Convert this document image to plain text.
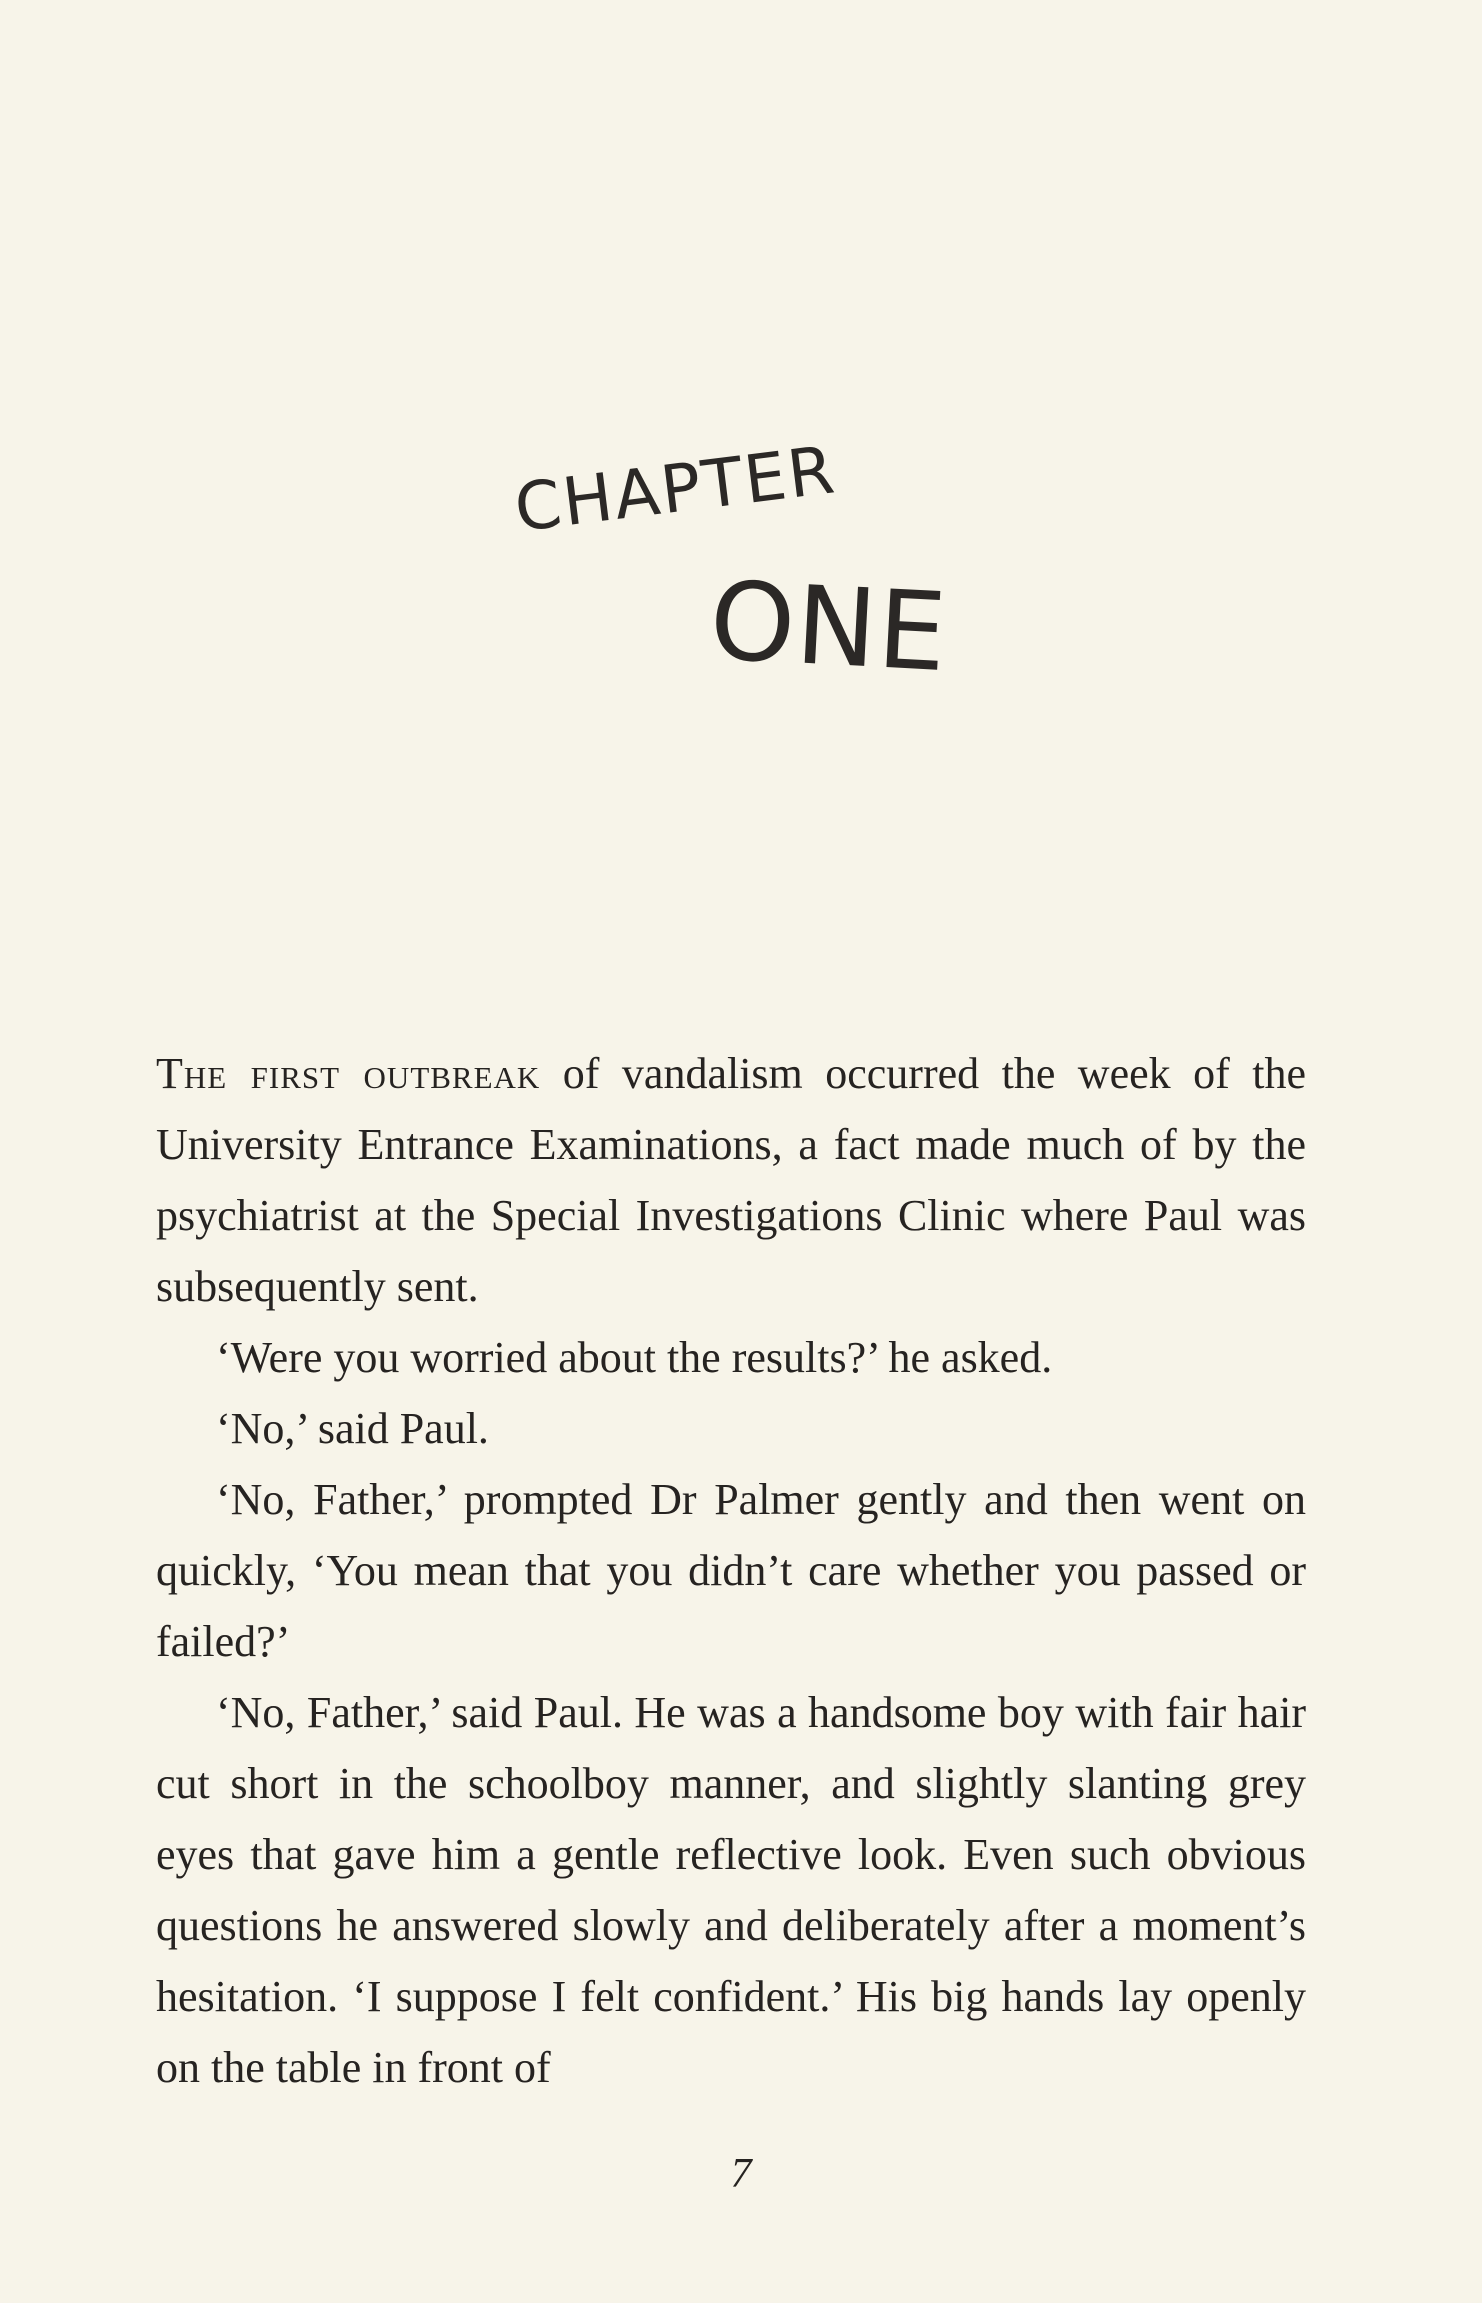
CHAPTER
ONE

The first outbreak of vandalism occurred the week of the University Entrance Examinations, a fact made much of by the psychiatrist at the Special Investigations Clinic where Paul was subsequently sent.

‘Were you worried about the results?’ he asked.

‘No,’ said Paul.

‘No, Father,’ prompted Dr Palmer gently and then went on quickly, ‘You mean that you didn’t care whether you passed or failed?’

‘No, Father,’ said Paul. He was a handsome boy with fair hair cut short in the schoolboy manner, and slightly slanting grey eyes that gave him a gentle reflective look. Even such obvious questions he answered slowly and deliberately after a moment’s hesitation. ‘I suppose I felt confident.’ His big hands lay openly on the table in front of

7
